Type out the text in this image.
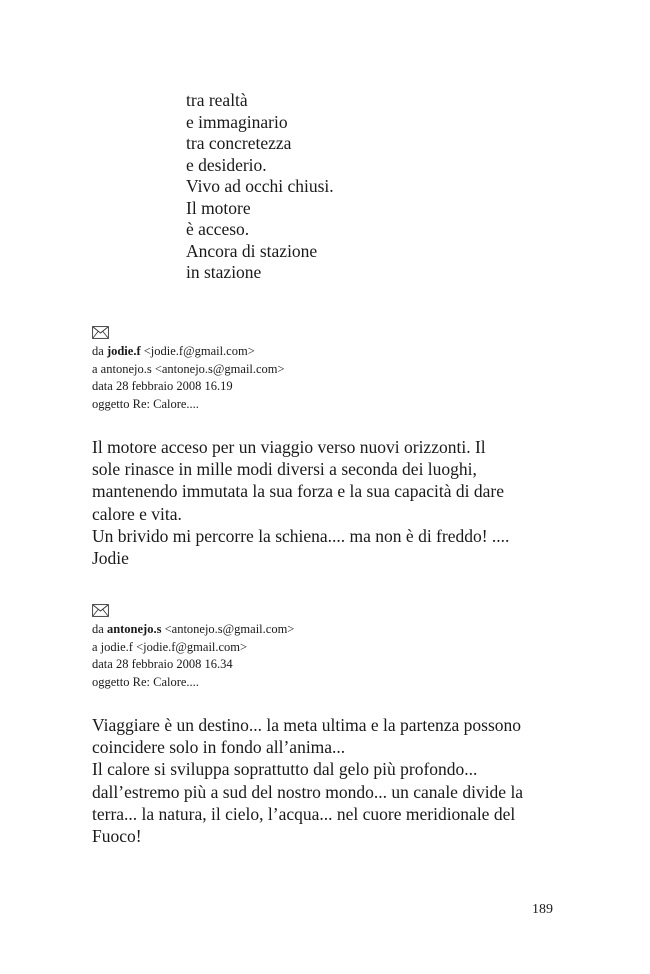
tra realtà
e immaginario
tra concretezza
e desiderio.
Vivo ad occhi chiusi.
Il motore
è acceso.
Ancora di stazione
in stazione
da jodie.f <jodie.f@gmail.com>
a antonejo.s <antonejo.s@gmail.com>
data 28 febbraio 2008 16.19
oggetto Re: Calore....
Il motore acceso per un viaggio verso nuovi orizzonti. Il
sole rinasce in mille modi diversi a seconda dei luoghi,
mantenendo immutata la sua forza e la sua capacità di dare
calore e vita.
Un brivido mi percorre la schiena.... ma non è di freddo! ....
Jodie
da antonejo.s <antonejo.s@gmail.com>
a jodie.f <jodie.f@gmail.com>
data 28 febbraio 2008 16.34
oggetto Re: Calore....
Viaggiare è un destino... la meta ultima e la partenza possono
coincidere solo in fondo all’anima...
Il calore si sviluppa soprattutto dal gelo più profondo...
dall’estremo più a sud del nostro mondo... un canale divide la
terra... la natura, il cielo, l’acqua... nel cuore meridionale del
Fuoco!
189
